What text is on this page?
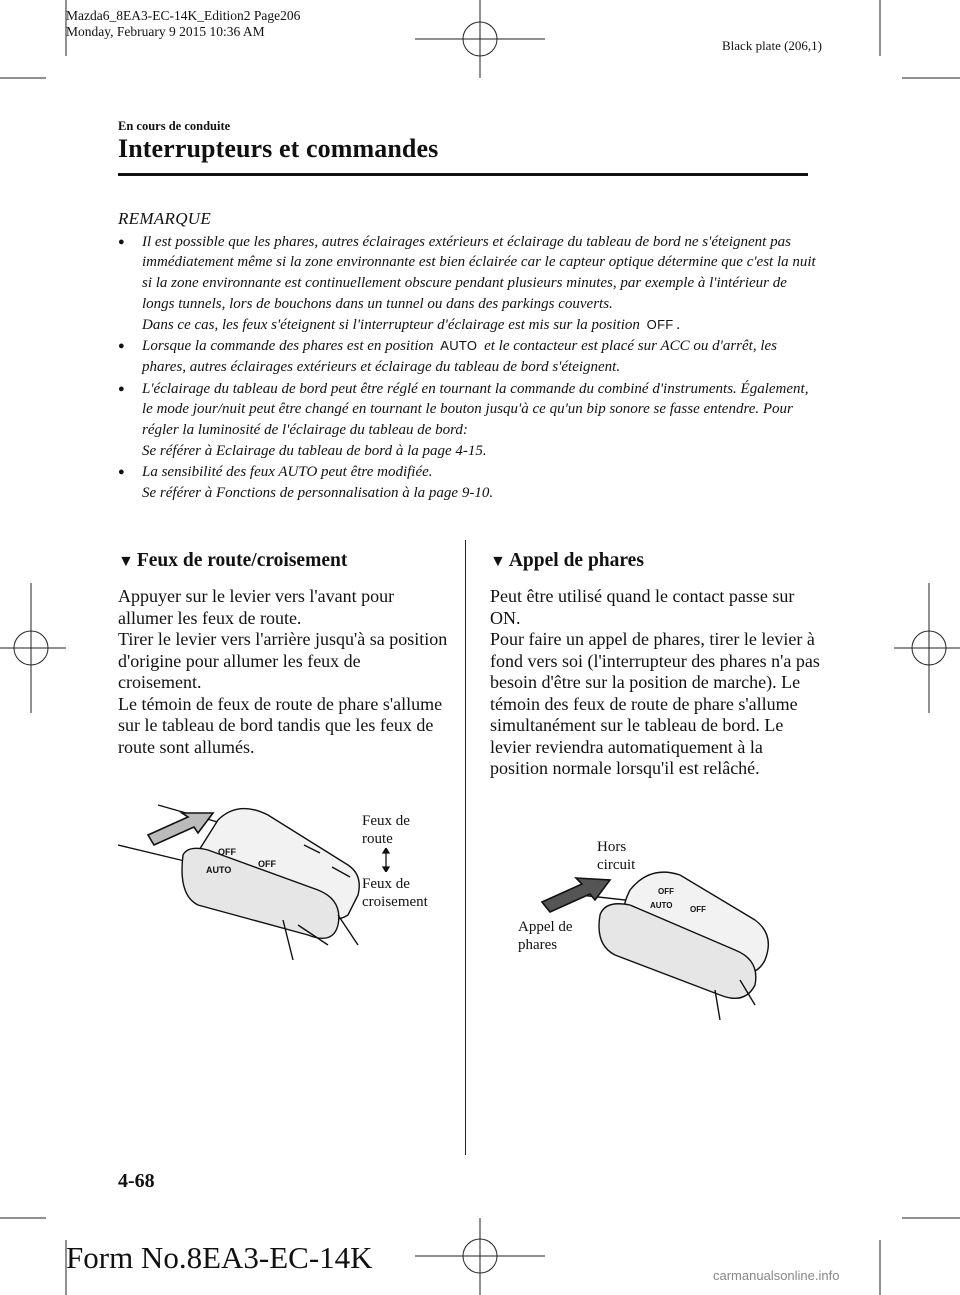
Mazda6_8EA3-EC-14K_Edition2 Page206
Monday, February 9 2015 10:36 AM
Black plate (206,1)
En cours de conduite
Interrupteurs et commandes
REMARQUE
● Il est possible que les phares, autres éclairages extérieurs et éclairage du tableau de bord ne s'éteignent pas immédiatement même si la zone environnante est bien éclairée car le capteur optique détermine que c'est la nuit si la zone environnante est continuellement obscure pendant plusieurs minutes, par exemple à l'intérieur de longs tunnels, lors de bouchons dans un tunnel ou dans des parkings couverts.
Dans ce cas, les feux s'éteignent si l'interrupteur d'éclairage est mis sur la position OFF .
● Lorsque la commande des phares est en position AUTO et le contacteur est placé sur ACC ou d'arrêt, les phares, autres éclairages extérieurs et éclairage du tableau de bord s'éteignent.
● L'éclairage du tableau de bord peut être réglé en tournant la commande du combiné d'instruments. Également, le mode jour/nuit peut être changé en tournant le bouton jusqu'à ce qu'un bip sonore se fasse entendre. Pour régler la luminosité de l'éclairage du tableau de bord:
Se référer à Eclairage du tableau de bord à la page 4-15.
● La sensibilité des feux AUTO peut être modifiée.
Se référer à Fonctions de personnalisation à la page 9-10.
▼ Feux de route/croisement
Appuyer sur le levier vers l'avant pour allumer les feux de route.
Tirer le levier vers l'arrière jusqu'à sa position d'origine pour allumer les feux de croisement.
Le témoin de feux de route de phare s'allume sur le tableau de bord tandis que les feux de route sont allumés.
OFF
AUTO
OFF
Feux de route
Feux de croisement
▼ Appel de phares
Peut être utilisé quand le contact passe sur ON.
Pour faire un appel de phares, tirer le levier à fond vers soi (l'interrupteur des phares n'a pas besoin d'être sur la position de marche). Le témoin des feux de route de phare s'allume simultanément sur le tableau de bord. Le levier reviendra automatiquement à la position normale lorsqu'il est relâché.
OFF
AUTO OFF
Hors circuit
Appel de phares
4-68
Form No.8EA3-EC-14K
carmanualsonline.info
